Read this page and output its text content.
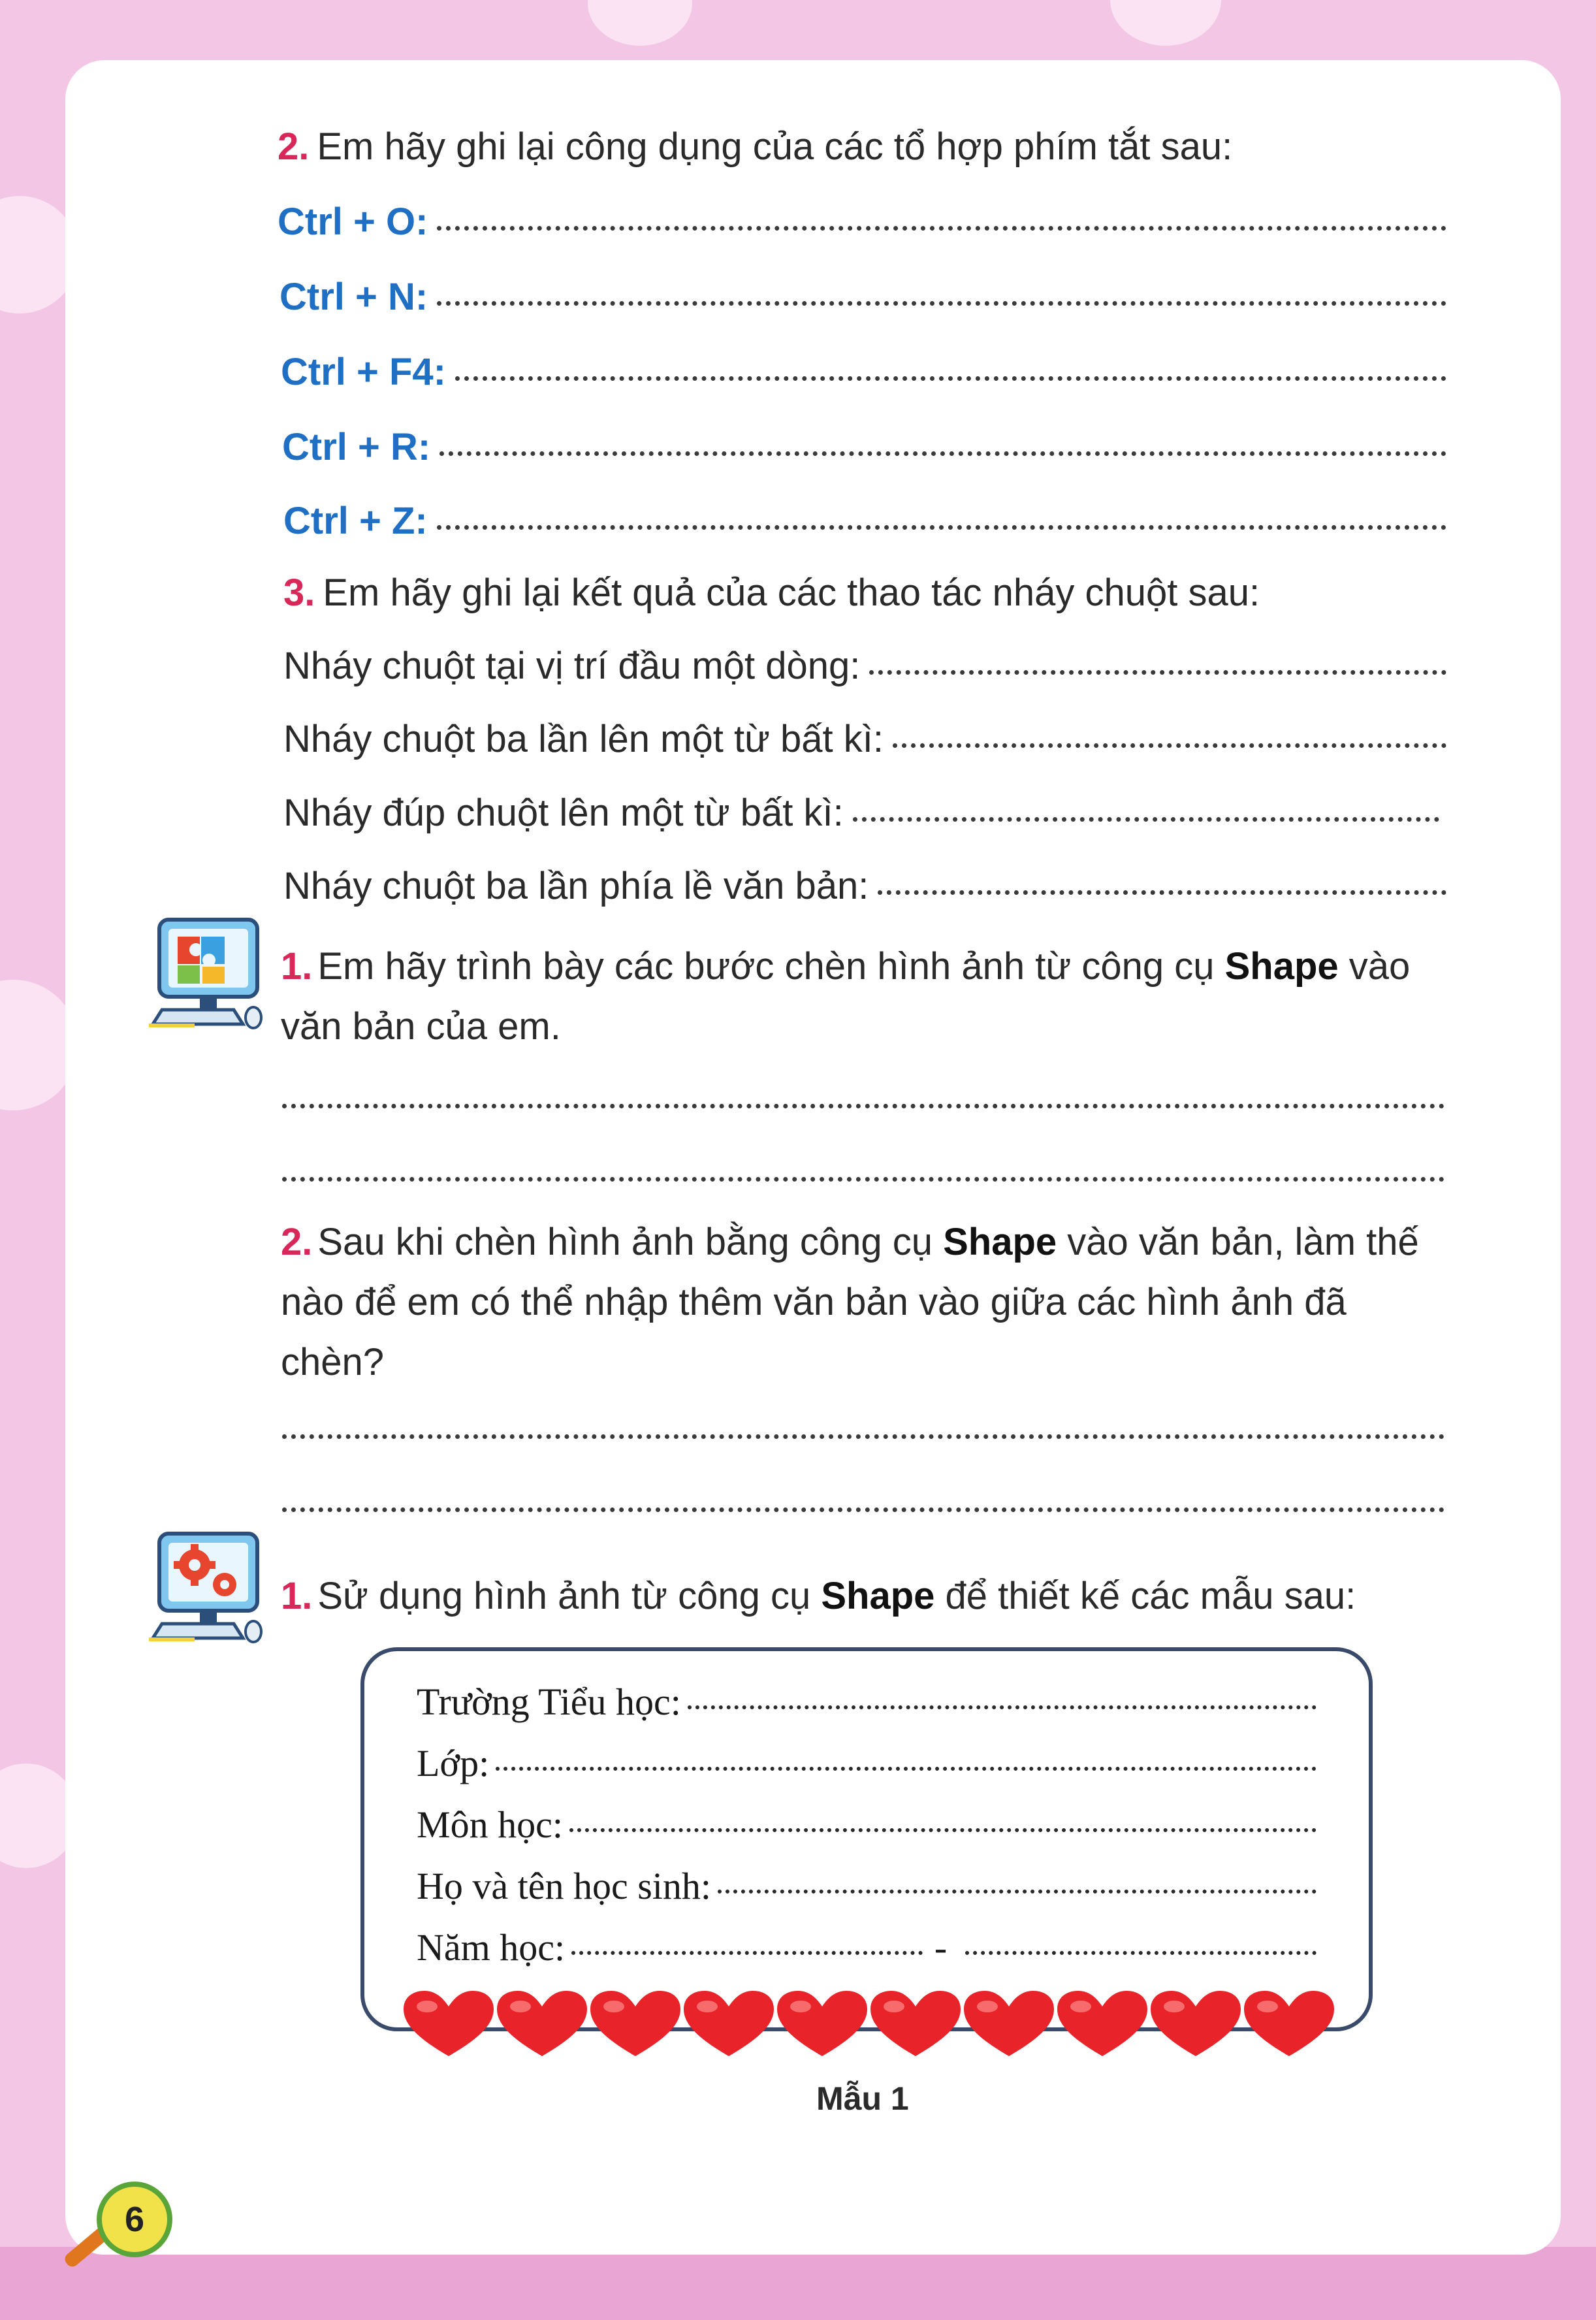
2. Em hãy ghi lại công dụng của các tổ hợp phím tắt sau:
Ctrl + O:
Ctrl + N:
Ctrl + F4:
Ctrl + R:
Ctrl + Z:
3. Em hãy ghi lại kết quả của các thao tác nháy chuột sau:
Nháy chuột tại vị trí đầu một dòng:
Nháy chuột ba lần lên một từ bất kì:
Nháy đúp chuột lên một từ bất kì:
Nháy chuột ba lần phía lề văn bản:
1. Em hãy trình bày các bước chèn hình ảnh từ công cụ Shape vào văn bản của em.
2. Sau khi chèn hình ảnh bằng công cụ Shape vào văn bản, làm thế nào để em có thể nhập thêm văn bản vào giữa các hình ảnh đã chèn?
1. Sử dụng hình ảnh từ công cụ Shape để thiết kế các mẫu sau:
Trường Tiểu học:
Lớp:
Môn học:
Họ và tên học sinh:
Năm học:	-
Mẫu 1
6
